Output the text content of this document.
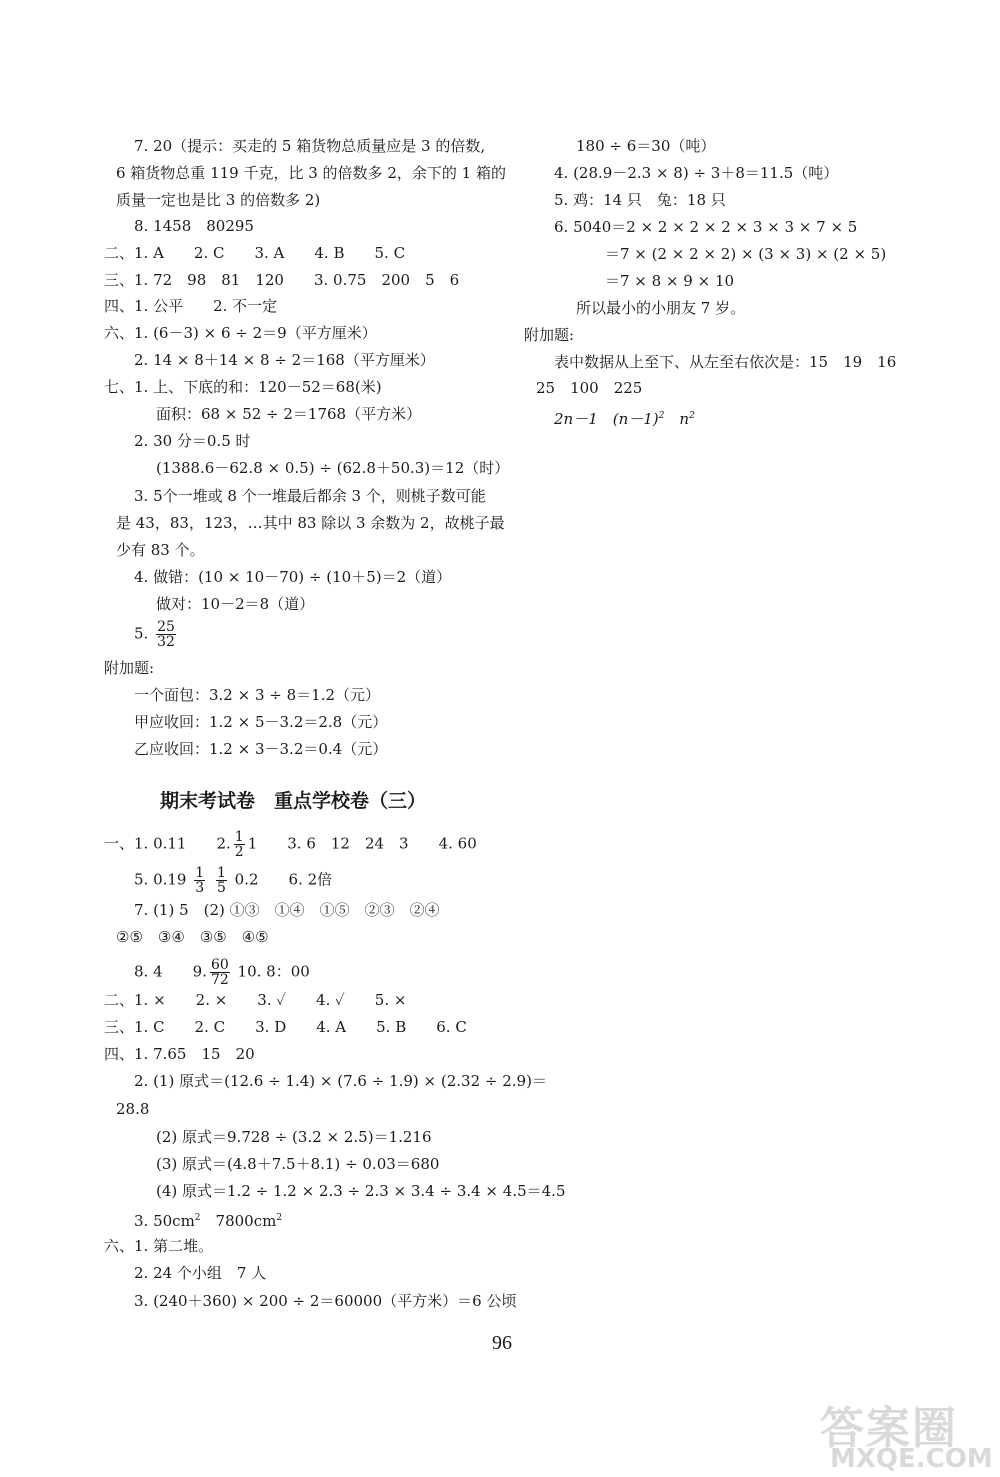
7. 20（提示：买走的 5 箱货物总质量应是 3 的倍数,
6 箱货物总重 119 千克，比 3 的倍数多 2，余下的 1 箱的
质量一定也是比 3 的倍数多 2)
8. 1458　80295
二、1. A　　2. C　　3. A　　4. B　　5. C
三、1. 72　98　81　120　　3. 0.75　200　5　6
四、1. 公平　　2. 不一定
六、1. (6－3) × 6 ÷ 2＝9（平方厘米）
2. 14 × 8＋14 × 8 ÷ 2＝168（平方厘米）
七、1. 上、下底的和：120－52＝68(米)
面积：68 × 52 ÷ 2＝1768（平方米）
2. 30 分＝0.5 时
(1388.6－62.8 × 0.5) ÷ (62.8＋50.3)＝12（时）
3. 5个一堆或 8 个一堆最后都余 3 个，则桃子数可能
是 43，83，123，…其中 83 除以 3 余数为 2，故桃子最
少有 83 个。
4. 做错：(10 × 10－70) ÷ (10＋5)＝2（道）
做对：10－2＝8（道）
5. $\frac{25}{32}$
附加题:
一个面包：3.2 × 3 ÷ 8＝1.2（元）
甲应收回：1.2 × 5－3.2＝2.8（元）
乙应收回：1.2 × 3－3.2＝0.4（元）
期末考试卷　重点学校卷（三）
一、1. 0.11　　2. $\frac{1}{2} 1$　　3. 6　12　24　3　　4. 60
5. $0.19 \frac{1}{3}$
$\frac{1}{5} 0.2$　　6. 2倍
7. (1) 5　(2) ①③　①④　①⑤　②③　②④
②⑤　③④　③⑤　④⑤
8. 4　　9. $\frac{60}{72} 10$. 8：00
二、1. ×　　2. ×　　3. ✓　　4. ✓　　5. ×
三、1. C　　2. C　　3. D　　4. A　　5. B　　6. C
四、1. 7.65　15　20
2. (1) 原式＝(12.6 ÷ 1.4) × (7.6 ÷ 1.9) × (2.32 ÷ 2.9)＝
28.8
(2) 原式＝9.728 ÷ (3.2 × 2.5)＝1.216
(3) 原式＝(4.8＋7.5＋8.1) ÷ 0.03＝680
(4) 原式＝1.2 ÷ 1.2 × 2.3 ÷ 2.3 × 3.4 ÷ 3.4 × 4.5＝4.5
3. $50cm^2$　$7800cm^2$
六、1. 第二堆。
2. 24 个小组　7 人
3. (240＋360) × 200 ÷ 2＝60000（平方米）＝6 公顷
180 ÷ 6＝30（吨）
4. (28.9－2.3 × 8) ÷ 3＋8＝11.5（吨）
5. 鸡：14 只　兔：18 只
6. 5040＝2 × 2 × 2 × 2 × 3 × 3 × 7 × 5
＝7 × (2 × 2 × 2) × (3 × 3) × (2 × 5)
＝7 × 8 × 9 × 10
所以最小的小朋友 7 岁。
附加题:
表中数据从上至下、从左至右依次是：15　19　16
25　100　225
2n－1　$(n-1)^2$　$n^2$
96
答案圈
MXQE.COM
